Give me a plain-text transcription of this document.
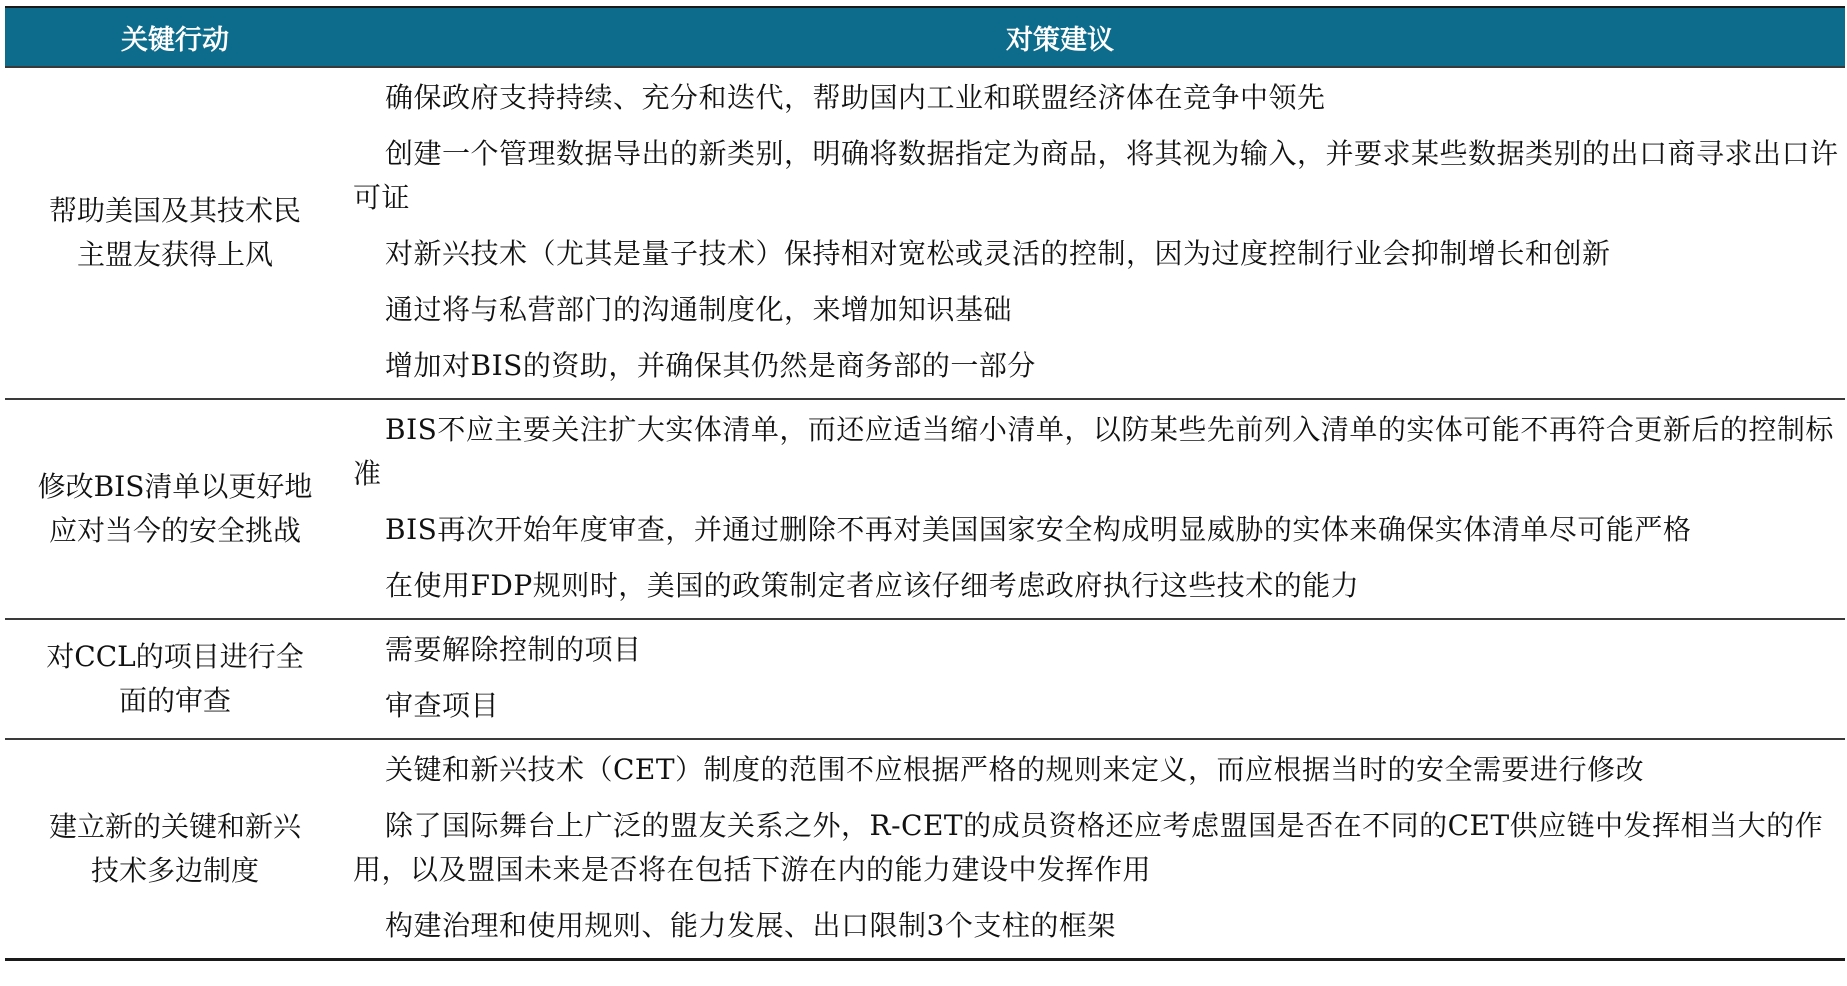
关键行动	对策建议
帮助美国及其技术民
主盟友获得上风
确保政府支持持续、充分和迭代，帮助国内工业和联盟经济体在竞争中领先
创建一个管理数据导出的新类别，明确将数据指定为商品，将其视为输入，并要求某些数据类别的出口商寻求出口许可证
对新兴技术（尤其是量子技术）保持相对宽松或灵活的控制，因为过度控制行业会抑制增长和创新
通过将与私营部门的沟通制度化，来增加知识基础
增加对BIS的资助，并确保其仍然是商务部的一部分
修改BIS清单以更好地
应对当今的安全挑战
BIS不应主要关注扩大实体清单，而还应适当缩小清单，以防某些先前列入清单的实体可能不再符合更新后的控制标准
BIS再次开始年度审查，并通过删除不再对美国国家安全构成明显威胁的实体来确保实体清单尽可能严格
在使用FDP规则时，美国的政策制定者应该仔细考虑政府执行这些技术的能力
对CCL的项目进行全
面的审查
需要解除控制的项目
审查项目
建立新的关键和新兴
技术多边制度
关键和新兴技术（CET）制度的范围不应根据严格的规则来定义，而应根据当时的安全需要进行修改
除了国际舞台上广泛的盟友关系之外，R-CET的成员资格还应考虑盟国是否在不同的CET供应链中发挥相当大的作用，以及盟国未来是否将在包括下游在内的能力建设中发挥作用
构建治理和使用规则、能力发展、出口限制3个支柱的框架
